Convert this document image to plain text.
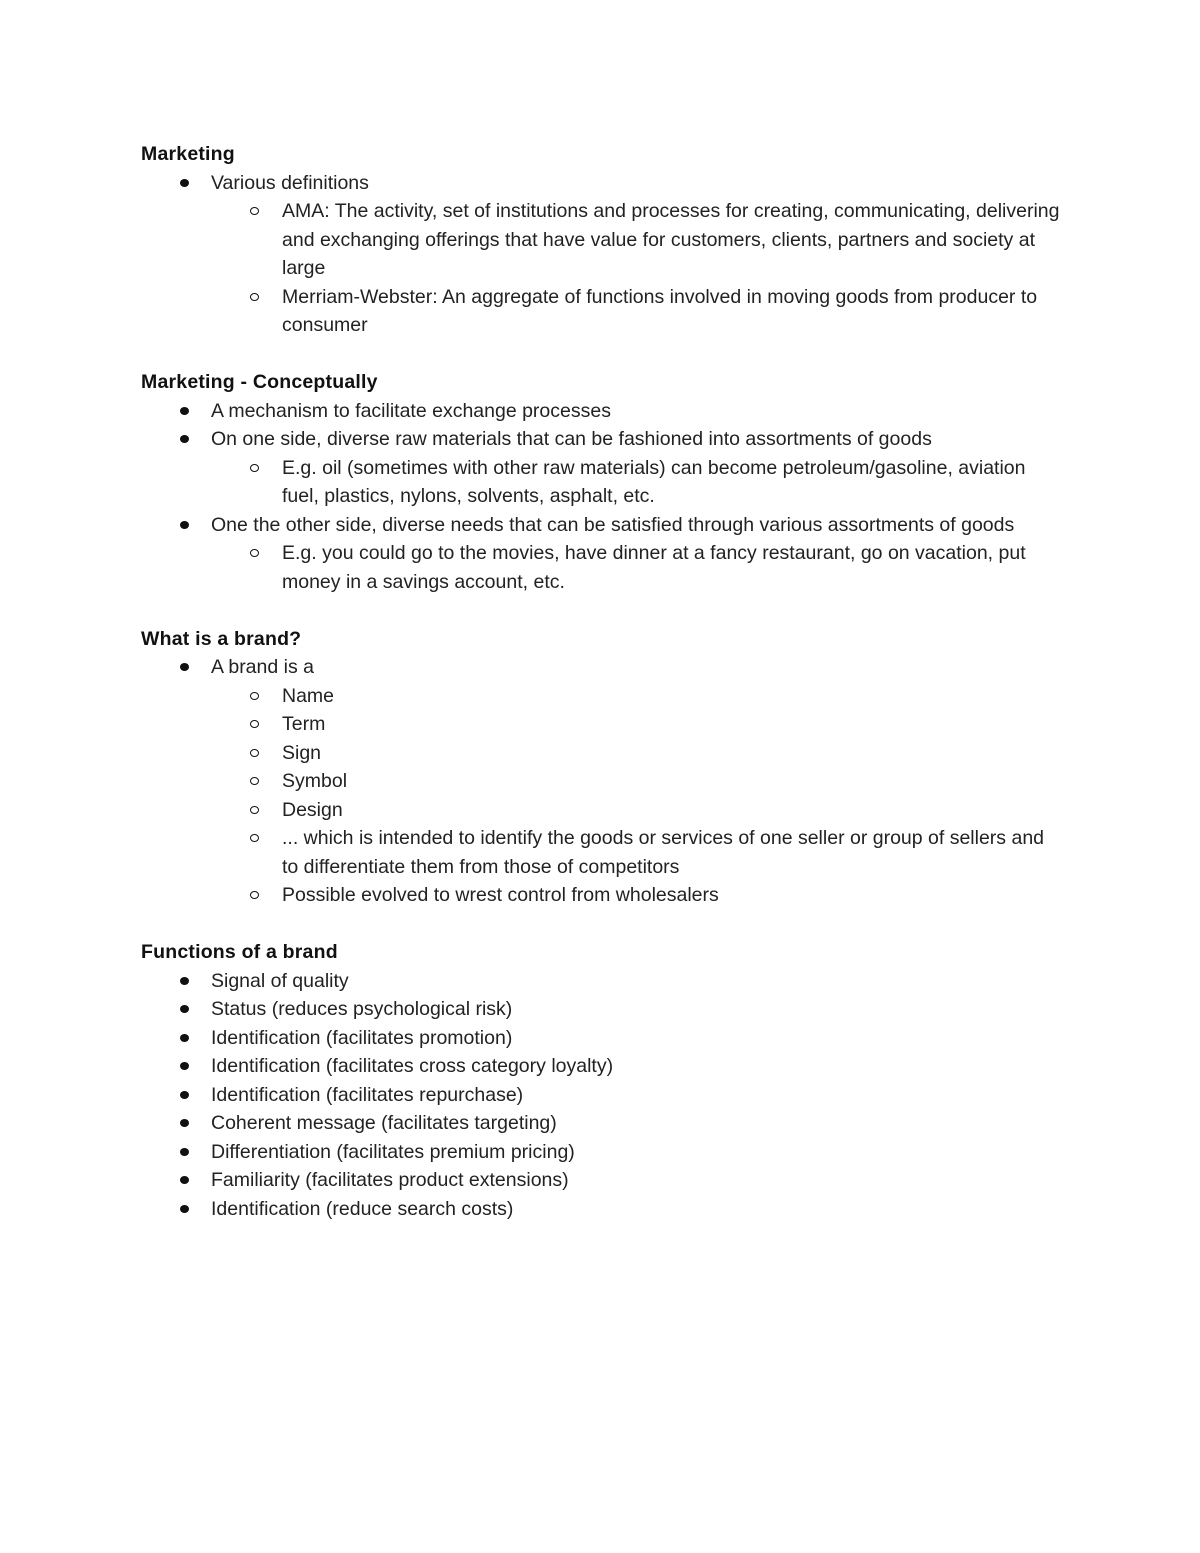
Marketing
Various definitions
AMA: The activity, set of institutions and processes for creating, communicating, delivering and exchanging offerings that have value for customers, clients, partners and society at large
Merriam-Webster: An aggregate of functions involved in moving goods from producer to consumer
Marketing - Conceptually
A mechanism to facilitate exchange processes
On one side, diverse raw materials that can be fashioned into assortments of goods
E.g. oil (sometimes with other raw materials) can become petroleum/gasoline, aviation fuel, plastics, nylons, solvents, asphalt, etc.
One the other side, diverse needs that can be satisfied through various assortments of goods
E.g. you could go to the movies, have dinner at a fancy restaurant, go on vacation, put money in a savings account, etc.
What is a brand?
A brand is a
Name
Term
Sign
Symbol
Design
... which is intended to identify the goods or services of one seller or group of sellers and to differentiate them from those of competitors
Possible evolved to wrest control from wholesalers
Functions of a brand
Signal of quality
Status (reduces psychological risk)
Identification (facilitates promotion)
Identification (facilitates cross category loyalty)
Identification (facilitates repurchase)
Coherent message (facilitates targeting)
Differentiation (facilitates premium pricing)
Familiarity (facilitates product extensions)
Identification (reduce search costs)
